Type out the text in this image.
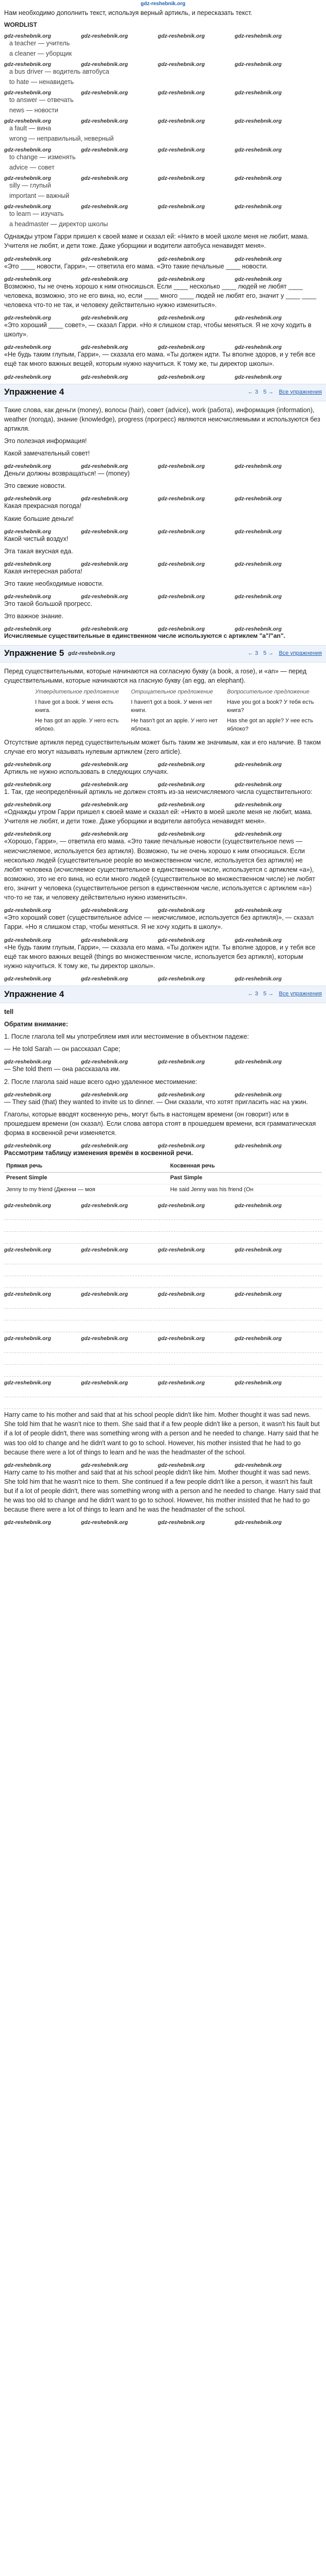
gdz-reshebnik.org

Нам необходимо дополнить текст, используя верный артикль, и пересказать текст.

WORDLIST
gdz-reshebnik.org	gdz-reshebnik.org	gdz-reshebnik.org	gdz-reshebnik.org
a teacher — учитель
a cleaner — уборщик
gdz-reshebnik.org	gdz-reshebnik.org	gdz-reshebnik.org	gdz-reshebnik.org
a bus driver — водитель автобуса
to hate — ненавидеть
gdz-reshebnik.org	gdz-reshebnik.org	gdz-reshebnik.org	gdz-reshebnik.org
to answer — отвечать
news — новости
gdz-reshebnik.org	gdz-reshebnik.org	gdz-reshebnik.org	gdz-reshebnik.org
a fault — вина
wrong — неправильный, неверный
gdz-reshebnik.org	gdz-reshebnik.org	gdz-reshebnik.org	gdz-reshebnik.org
to change — изменять
advice — совет
gdz-reshebnik.org	gdz-reshebnik.org	gdz-reshebnik.org	gdz-reshebnik.org
silly — глупый
important — важный
gdz-reshebnik.org	gdz-reshebnik.org	gdz-reshebnik.org	gdz-reshebnik.org
to learn — изучать
a headmaster — директор школы

Однажды утром Гарри пришел к своей маме и сказал ей: «Никто в моей школе меня не любит, мама. Учителя не любят, и дети тоже. Даже уборщики и водители автобуса ненавидят меня».

gdz-reshebnik.org	gdz-reshebnik.org	gdz-reshebnik.org	gdz-reshebnik.org

«Это ____ новости, Гарри», — ответила его мама. «Это такие печальные ____ новости.

gdz-reshebnik.org	gdz-reshebnik.org	gdz-reshebnik.org	gdz-reshebnik.org

Возможно, ты не очень хорошо к ним относишься. Если ____ несколько ____ людей не любят ____ человека, возможно, это не его вина, но, если ____ много ____ людей не любят его, значит у ____ ____ человека что-то не так, и человеку действительно нужно измениться».

gdz-reshebnik.org	gdz-reshebnik.org	gdz-reshebnik.org	gdz-reshebnik.org

«Это хороший ____ совет», — сказал Гарри. «Но я слишком стар, чтобы меняться. Я не хочу ходить в школу».

gdz-reshebnik.org	gdz-reshebnik.org	gdz-reshebnik.org	gdz-reshebnik.org

«Не будь таким глупым, Гарри», — сказала его мама. «Ты должен идти. Ты вполне здоров, и у тебя все ещё так много важных вещей, которым нужно научиться. К тому же, ты директор школы».

gdz-reshebnik.org	gdz-reshebnik.org	gdz-reshebnik.org	gdz-reshebnik.org
Упражнение 4	← 3 5 → Все упражнения

Такие слова, как деньги (money), волосы (hair), совет (advice), work (работа), информация (information), weather (погода), знание (knowledge), progress (прогресс) являются неисчисляемыми и используются без артикля.

Это полезная информация!

Какой замечательный совет!

gdz-reshebnik.org	gdz-reshebnik.org	gdz-reshebnik.org	gdz-reshebnik.org

Деньги должны возвращаться! — (money)

Это свежие новости.

gdz-reshebnik.org	gdz-reshebnik.org	gdz-reshebnik.org	gdz-reshebnik.org

Какая прекрасная погода!

Какие большие деньги!

gdz-reshebnik.org	gdz-reshebnik.org	gdz-reshebnik.org	gdz-reshebnik.org

Какой чистый воздух!

Эта такая вкусная еда.

gdz-reshebnik.org	gdz-reshebnik.org	gdz-reshebnik.org	gdz-reshebnik.org

Какая интересная работа!

Это такие необходимые новости.

gdz-reshebnik.org	gdz-reshebnik.org	gdz-reshebnik.org	gdz-reshebnik.org

Это такой большой прогресс.

Это важное знание.

gdz-reshebnik.org	gdz-reshebnik.org	gdz-reshebnik.org	gdz-reshebnik.org

Исчисляемые существительные в единственном числе используются с артиклем "a"/"an".

Упражнение 5 gdz-reshebnik.org	← 3 5 → Все упражнения

Перед существительными, которые начинаются на согласную букву (а book, a rose), и «an» — перед существительными, которые начинаются на гласную букву (an egg, an elephant).

Утвердительное предложение	Отрицательное предложение	Вопросительное предложение
I have got a book. У меня есть книга.
I haven't got a book. У меня нет книги.
Have you got a book? У тебя есть книга?
He has got an apple. У него есть яблоко.
He hasn't got an apple. У него нет яблока.
Has she got an apple? У нее есть яблоко?

Отсутствие артикля перед существительным может быть таким же значимым, как и его наличие. В таком случае его могут называть нулевым артиклем (zero article).

gdz-reshebnik.org	gdz-reshebnik.org	gdz-reshebnik.org	gdz-reshebnik.org

Артикль не нужно использовать в следующих случаях.

gdz-reshebnik.org	gdz-reshebnik.org	gdz-reshebnik.org	gdz-reshebnik.org

1. Так, где неопределённый артикль не должен стоять из-за неисчисляемого числа существительного:

gdz-reshebnik.org	gdz-reshebnik.org	gdz-reshebnik.org	gdz-reshebnik.org

«Однажды утром Гарри пришел к своей маме и сказал ей: «Никто в моей школе меня не любит, мама. Учителя не любят, и дети тоже. Даже уборщики и водители автобуса ненавидят меня».

gdz-reshebnik.org	gdz-reshebnik.org	gdz-reshebnik.org	gdz-reshebnik.org

«Хорошо, Гарри», — ответила его мама. «Это такие печальные новости (существительное news — неисчисляемое, используется без артикля). Возможно, ты не очень хорошо к ним относишься. Если несколько людей (существительное people во множественном числе, используется без артикля) не любят человека (исчисляемое существительное в единственном числе, используется с артиклем «a»), возможно, это не его вина, но если много людей (существительное во множественном числе) не любят его, значит у человека (существительное person в единственном числе, используется с артиклем «a») что-то не так, и человеку действительно нужно измениться».

gdz-reshebnik.org	gdz-reshebnik.org	gdz-reshebnik.org	gdz-reshebnik.org

«Это хороший совет (существительное advice — неисчислимое, используется без артикля)», — сказал Гарри. «Но я слишком стар, чтобы меняться. Я не хочу ходить в школу».

gdz-reshebnik.org	gdz-reshebnik.org	gdz-reshebnik.org	gdz-reshebnik.org

«Не будь таким глупым, Гарри», — сказала его мама. «Ты должен идти. Ты вполне здоров, и у тебя все ещё так много важных вещей (things во множественном числе, используется без артикля), которым нужно научиться. К тому же, ты директор школы».

gdz-reshebnik.org	gdz-reshebnik.org	gdz-reshebnik.org	gdz-reshebnik.org
Упражнение 4	← 3 5 → Все упражнения

tell

Обратим внимание:

1. После глагола tell мы употребляем имя или местоимение в объектном падеже:

— He told Sarah — он рассказал Саре;

gdz-reshebnik.org	gdz-reshebnik.org	gdz-reshebnik.org	gdz-reshebnik.org

— She told them — она рассказала им.

2. После глагола said наше всего одно удаленное местоимение:

gdz-reshebnik.org	gdz-reshebnik.org	gdz-reshebnik.org	gdz-reshebnik.org

— They said (that) they wanted to invite us to dinner. — Они сказали, что хотят пригласить нас на ужин.

Глаголы, которые вводят косвенную речь, могут быть в настоящем времени (он говорит) или в прошедшем времени (он сказал). Если слова автора стоят в прошедшем времени, вся грамматическая форма в косвенной речи изменяется.

gdz-reshebnik.org	gdz-reshebnik.org	gdz-reshebnik.org	gdz-reshebnik.org

Рассмотрим таблицу изменения времён в косвенной речи.

Прямая речь	Косвенная речь
Present Simple	Past Simple
Jenny to my friend (Дженни — моя	He said Jenny was his friend (Он
gdz-reshebnik.org	gdz-reshebnik.org	gdz-reshebnik.org	gdz-reshebnik.org
gdz-reshebnik.org	gdz-reshebnik.org	gdz-reshebnik.org	gdz-reshebnik.org
gdz-reshebnik.org	gdz-reshebnik.org	gdz-reshebnik.org	gdz-reshebnik.org
gdz-reshebnik.org	gdz-reshebnik.org	gdz-reshebnik.org	gdz-reshebnik.org
gdz-reshebnik.org	gdz-reshebnik.org	gdz-reshebnik.org	gdz-reshebnik.org

Harry came to his mother and said that at his school people didn't like him. Mother thought it was sad news. She told him that he wasn't nice to them. She said that if a few people didn't like a person, it wasn't his fault but if a lot of people didn't, there was something wrong with a person and he needed to change. Harry said that he was too old to change and he didn't want to go to school. However, his mother insisted that he had to go because there were a lot of things to learn and he was the headmaster of the school.

gdz-reshebnik.org	gdz-reshebnik.org	gdz-reshebnik.org	gdz-reshebnik.org

Harry came to his mother and said that at his school people didn't like him. Mother thought it was sad news. She told him that he wasn't nice to them. She continued if a few people didn't like a person, it wasn't his fault but if a lot of people didn't, there was something wrong with a person and he needed to change. Harry said that he was too old to change and he didn't want to go to school. However, his mother insisted that he had to go because there were a lot of things to learn and he was the headmaster of the school.

gdz-reshebnik.org	gdz-reshebnik.org	gdz-reshebnik.org	gdz-reshebnik.org
